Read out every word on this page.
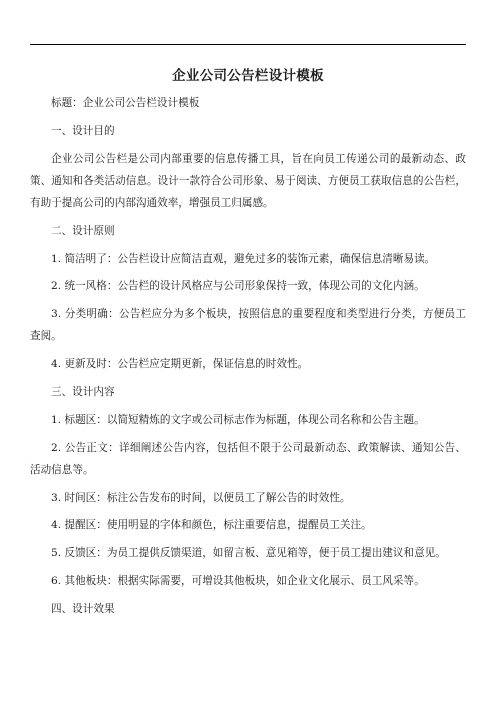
企业公司公告栏设计模板

标题：企业公司公告栏设计模板

一、设计目的

企业公司公告栏是公司内部重要的信息传播工具，旨在向员工传递公司的最新动态、政策、通知和各类活动信息。设计一款符合公司形象、易于阅读、方便员工获取信息的公告栏，有助于提高公司的内部沟通效率，增强员工归属感。

二、设计原则

1. 简洁明了：公告栏设计应简洁直观，避免过多的装饰元素，确保信息清晰易读。

2. 统一风格：公告栏的设计风格应与公司形象保持一致，体现公司的文化内涵。

3. 分类明确：公告栏应分为多个板块，按照信息的重要程度和类型进行分类，方便员工查阅。

4. 更新及时：公告栏应定期更新，保证信息的时效性。

三、设计内容

1. 标题区：以简短精炼的文字或公司标志作为标题，体现公司名称和公告主题。

2. 公告正文：详细阐述公告内容，包括但不限于公司最新动态、政策解读、通知公告、活动信息等。

3. 时间区：标注公告发布的时间，以便员工了解公告的时效性。

4. 提醒区：使用明显的字体和颜色，标注重要信息，提醒员工关注。

5. 反馈区：为员工提供反馈渠道，如留言板、意见箱等，便于员工提出建议和意见。

6. 其他板块：根据实际需要，可增设其他板块，如企业文化展示、员工风采等。

四、设计效果
